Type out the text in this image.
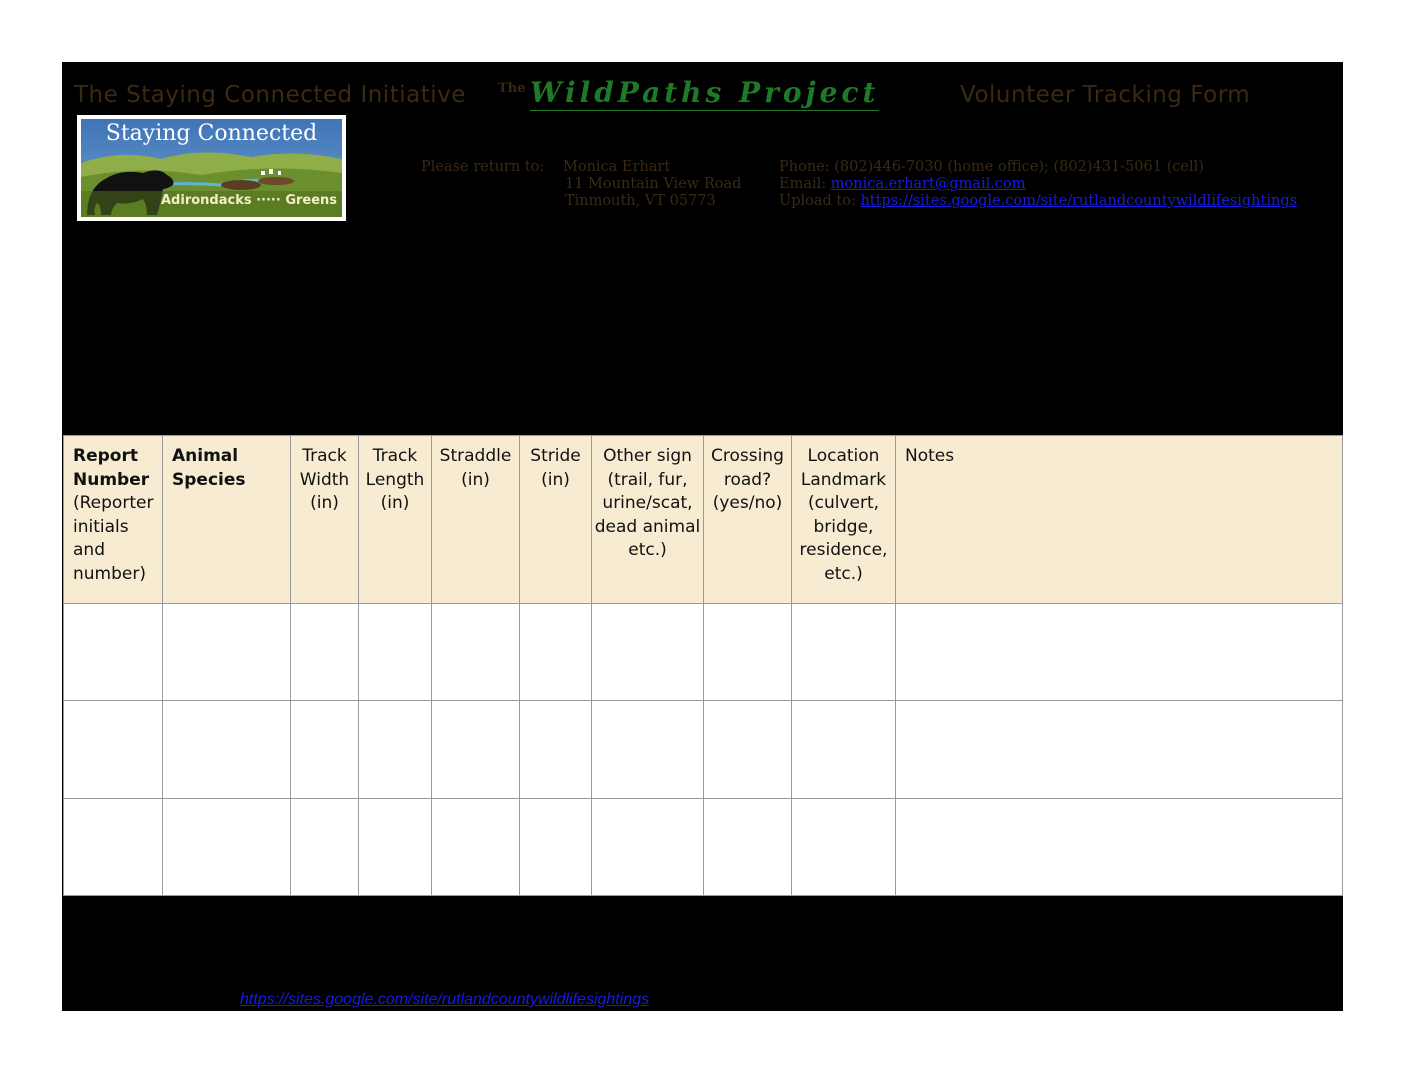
The Staying Connected Initiative The WildPaths Project	Volunteer Tracking Form
Staying Connected
Adirondacks ····· Greens
Please return to: Monica Erhart
11 Mountain View Road
Tinmouth, VT 05773
Phone: (802)446-7030 (home office); (802)431-5061 (cell)
Email: monica.erhart@gmail.com
Upload to: https://sites.google.com/site/rutlandcountywildlifesightings
Report Number
(Reporter initials and number)	Animal Species	Track Width (in)	Track Length (in)	Straddle (in)	Stride (in)	Other sign (trail, fur, urine/scat, dead animal etc.)	Crossing road? (yes/no)	Location Landmark (culvert, bridge, residence, etc.)	Notes

https://sites.google.com/site/rutlandcountywildlifesightings
